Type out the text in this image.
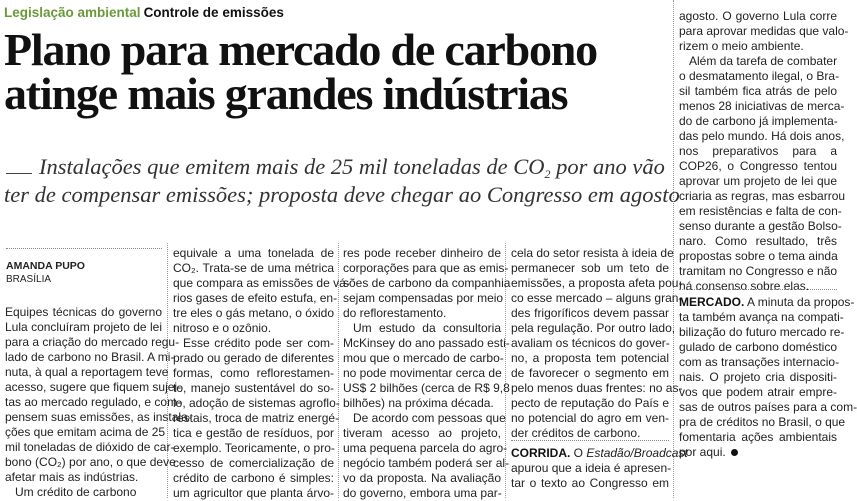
Legislação ambiental Controle de emissões
Plano para mercado de carbono
atinge mais grandes indústrias
Instalações que emitem mais de 25 mil toneladas de $CO_2$ por ano vão
ter de compensar emissões; proposta deve chegar ao Congresso em agosto
AMANDA PUPO
BRASÍLIA
Equipes técnicas do governo
Lula concluíram projeto de lei
para a criação do mercado regu-
lado de carbono no Brasil. A mi-
nuta, à qual a reportagem teve
acesso, sugere que fiquem sujei-
tas ao mercado regulado, e com-
pensem suas emissões, as instala-
ções que emitam acima de 25
mil toneladas de dióxido de car-
bono (CO₂) por ano, o que deve
afetar mais as indústrias.
Um crédito de carbono
equivale a uma tonelada de
CO₂. Trata-se de uma métrica
que compara as emissões de vá-
rios gases de efeito estufa, en-
tre eles o gás metano, o óxido
nitroso e o ozônio.
Esse crédito pode ser com-
prado ou gerado de diferentes
formas, como reflorestamen-
to, manejo sustentável do so-
lo, adoção de sistemas agroflo-
restais, troca de matriz energé-
tica e gestão de resíduos, por
exemplo. Teoricamente, o pro-
cesso de comercialização de
crédito de carbono é simples:
um agricultor que planta árvo-
res pode receber dinheiro de
corporações para que as emis-
sões de carbono da companhia
sejam compensadas por meio
do reflorestamento.
Um estudo da consultoria
McKinsey do ano passado esti-
mou que o mercado de carbo-
no pode movimentar cerca de
US$ 2 bilhões (cerca de R$ 9,8
bilhões) na próxima década.
De acordo com pessoas que
tiveram acesso ao projeto,
uma pequena parcela do agro-
negócio também poderá ser al-
vo da proposta. Na avaliação
do governo, embora uma par-
cela do setor resista à ideia de
permanecer sob um teto de
emissões, a proposta afeta pou-
co esse mercado – alguns gran-
des frigoríficos devem passar
pela regulação. Por outro lado,
avaliam os técnicos do gover-
no, a proposta tem potencial
de favorecer o segmento em
pelo menos duas frentes: no as-
pecto de reputação do País e
no potencial do agro em ven-
der créditos de carbono.
CORRIDA. O Estadão/Broadcast
apurou que a ideia é apresen-
tar o texto ao Congresso em
agosto. O governo Lula corre
para aprovar medidas que valo-
rizem o meio ambiente.
Além da tarefa de combater
o desmatamento ilegal, o Bra-
sil também fica atrás de pelo
menos 28 iniciativas de merca-
do de carbono já implementa-
das pelo mundo. Há dois anos,
nos preparativos para a
COP26, o Congresso tentou
aprovar um projeto de lei que
criaria as regras, mas esbarrou
em resistências e falta de con-
senso durante a gestão Bolso-
naro. Como resultado, três
propostas sobre o tema ainda
tramitam no Congresso e não
há consenso sobre elas.
MERCADO. A minuta da propos-
ta também avança na compati-
bilização do futuro mercado re-
gulado de carbono doméstico
com as transações internacio-
nais. O projeto cria dispositi-
vos que podem atrair empre-
sas de outros países para a com-
pra de créditos no Brasil, o que
fomentaria ações ambientais
por aqui.
